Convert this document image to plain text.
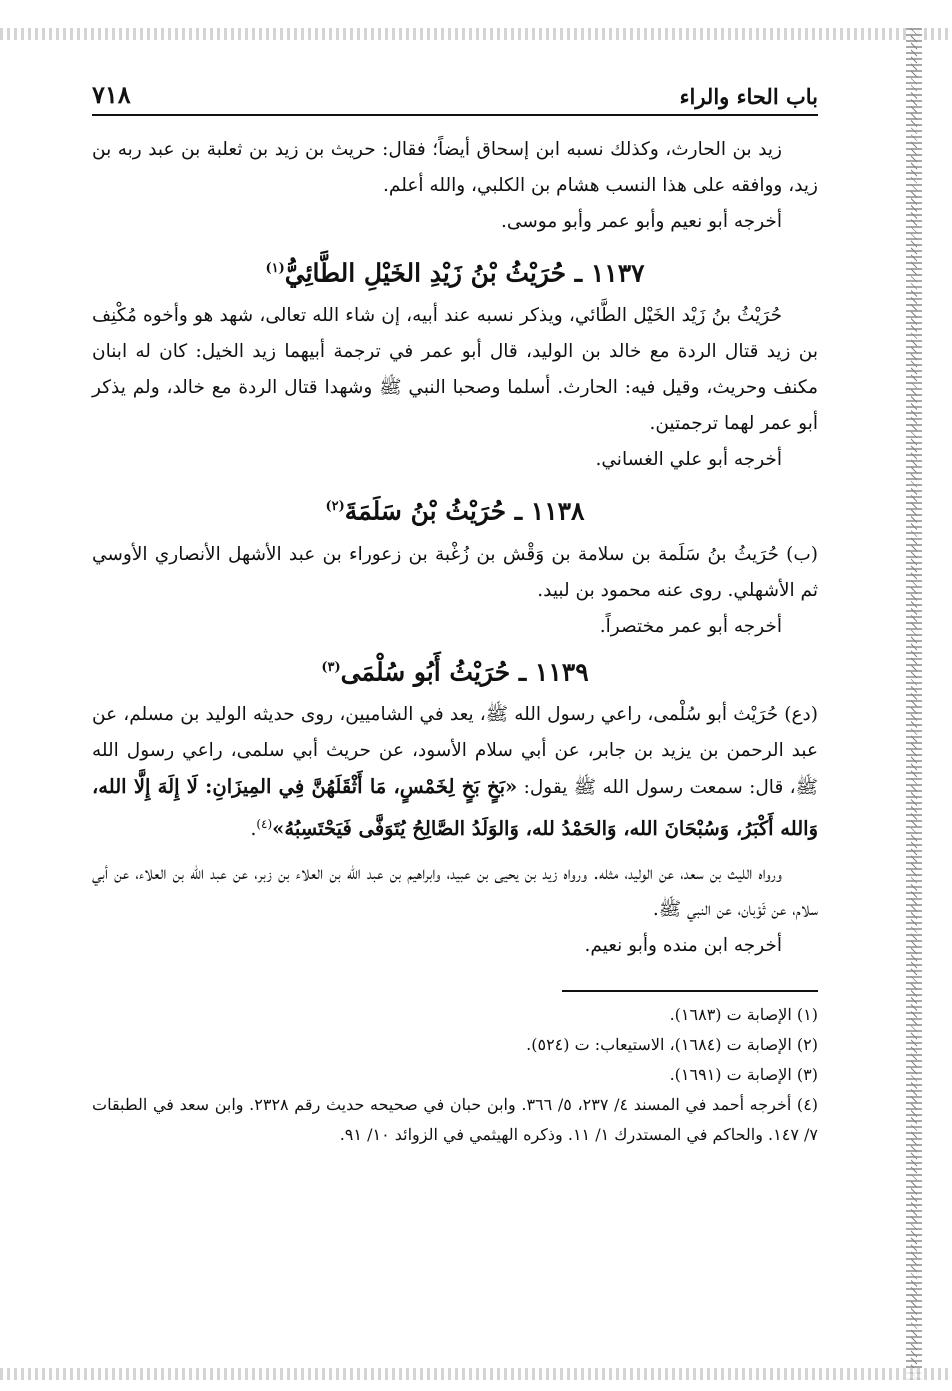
باب الحاء والراء
٧١٨

زيد بن الحارث، وكذلك نسبه ابن إسحاق أيضاً؛ فقال: حريث بن زيد بن ثعلبة بن عبد ربه بن زيد، ووافقه على هذا النسب هشام بن الكلبي، والله أعلم.

أخرجه أبو نعيم وأبو عمر وأبو موسى.

١١٣٧ ـ حُرَيْثُ بْنُ زَيْدِ الخَيْلِ الطَّائِيُّ$^{(١)}$

حُرَيْثُ بنُ زَيْد الخَيْل الطَّائي، ويذكر نسبه عند أبيه، إن شاء الله تعالى، شهد هو وأخوه مُكْنِف بن زيد قتال الردة مع خالد بن الوليد، قال أبو عمر في ترجمة أبيهما زيد الخيل: كان له ابنان مكنف وحريث، وقيل فيه: الحارث. أسلما وصحبا النبي ﷺ وشهدا قتال الردة مع خالد، ولم يذكر أبو عمر لهما ترجمتين.

أخرجه أبو علي الغساني.

١١٣٨ ـ حُرَيْثُ بْنُ سَلَمَةَ$^{(٢)}$

(ب) حُرَيثُ بنُ سَلَمة بن سلامة بن وَقْش بن زُغْبة بن زعوراء بن عبد الأشهل الأنصاري الأوسي ثم الأشهلي. روى عنه محمود بن لبيد.

أخرجه أبو عمر مختصراً.

١١٣٩ ـ حُرَيْثُ أَبُو سُلْمَى$^{(٣)}$

(دع) حُرَيْث أبو سُلْمى، راعي رسول الله ﷺ، يعد في الشاميين، روى حديثه الوليد بن مسلم، عن عبد الرحمن بن يزيد بن جابر، عن أبي سلام الأسود، عن حريث أبي سلمى، راعي رسول الله ﷺ، قال: سمعت رسول الله ﷺ يقول: «بَخٍ بَخٍ لِخَمْسٍ، مَا أَثْقَلَهُنَّ فِي المِيزَانِ: لَا إِلَهَ إِلَّا الله، وَالله أَكْبَرُ، وَسُبْحَانَ الله، وَالحَمْدُ لله، وَالوَلَدُ الصَّالِحُ يُتَوَفَّى فَيَحْتَسِبُهُ»$^{(٤)}$.

ورواه الليث بن سعد، عن الوليد، مثله. ورواه زيد بن يحيى بن عبيد، وابراهيم بن عبد الله بن العلاء بن زبر، عن عبد الله بن العلاء، عن أبي سلام، عن ثَوْبان، عن النبي ﷺ.

أخرجه ابن منده وأبو نعيم.

(١) الإصابة ت (١٦٨٣).

(٢) الإصابة ت (١٦٨٤)، الاستيعاب: ت (٥٢٤).

(٣) الإصابة ت (١٦٩١).

(٤) أخرجه أحمد في المسند ٤/ ٢٣٧، ٥/ ٣٦٦. وابن حبان في صحيحه حديث رقم ٢٣٢٨. وابن سعد في الطبقات ٧/ ١٤٧. والحاكم في المستدرك ١/ ١١. وذكره الهيثمي في الزوائد ١٠/ ٩١.
